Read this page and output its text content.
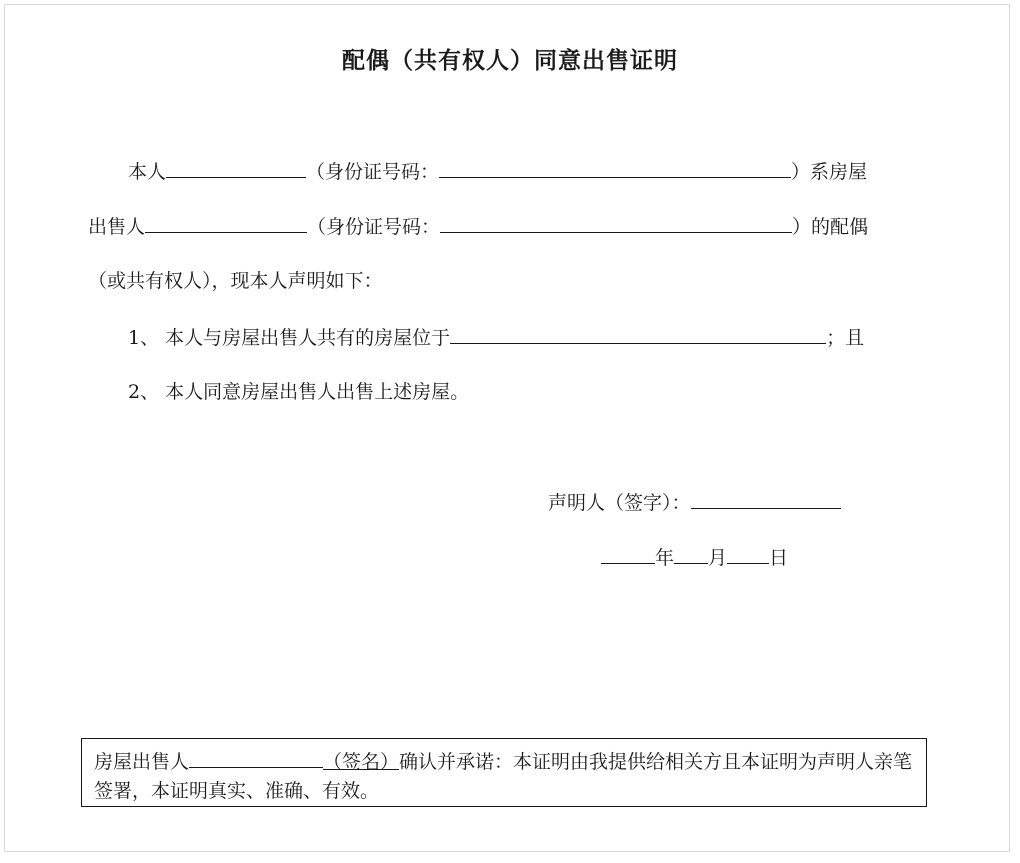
配偶（共有权人）同意出售证明
本人	（身份证号码：	）系房屋
出售人	（身份证号码：	）的配偶
（或共有权人），现本人声明如下：
1、 本人与房屋出售人共有的房屋位于	；且
2、 本人同意房屋出售人出售上述房屋。
声明人（签字）：
年 月 日
房屋出售人	（签名）确认并承诺：本证明由我提供给相关方且本证明为声明人亲笔签署，本证明真实、准确、有效。
